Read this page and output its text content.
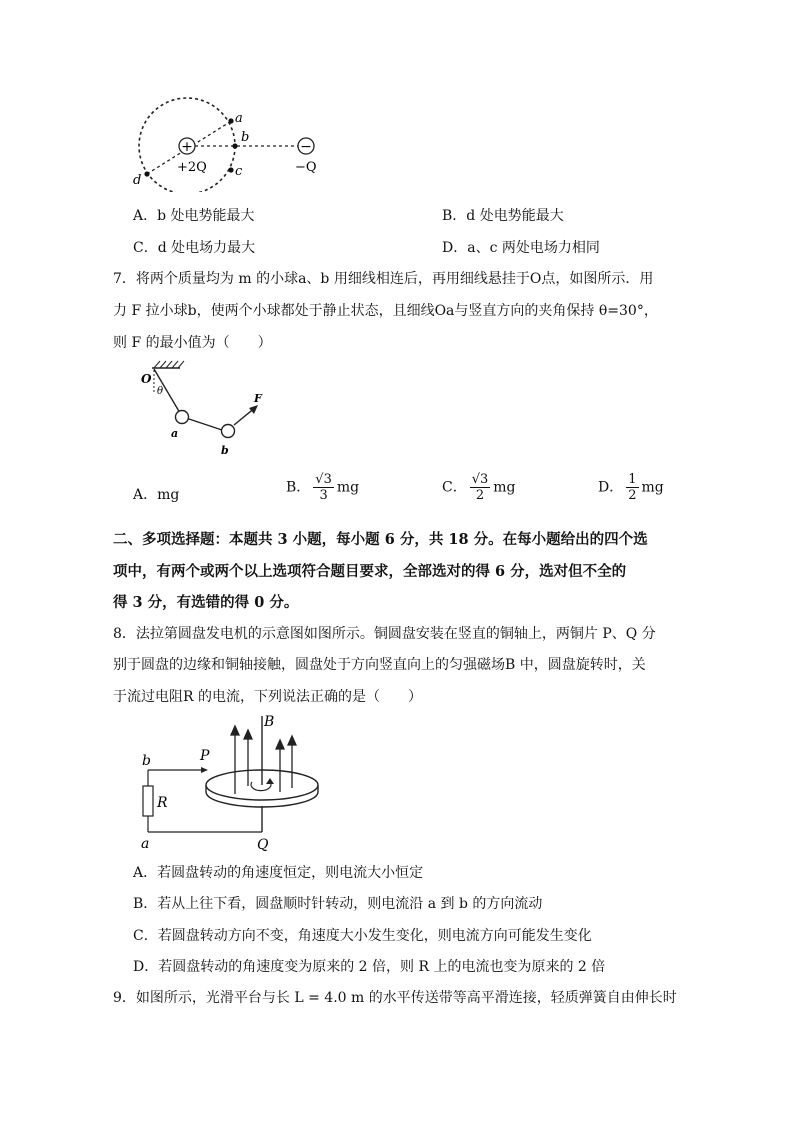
+	−
a
b
c
d
+2Q	−Q
A．b 处电势能最大	B．d 处电势能最大
C．d 处电场力最大	D．a、c 两处电场力相同
7．将两个质量均为 m 的小球a、b 用细线相连后，再用细线悬挂于O点，如图所示．用
力 F 拉小球b，使两个小球都处于静止状态，且细线Oa与竖直方向的夹角保持 θ=30°，
则 F 的最小值为（　　）
O
θ
a
b
F
A．mg	B． $\frac{√3}{3}$ mg	C． $\frac{√3}{2}$ mg	D． $\frac{1}{2}$ mg
二、多项选择题：本题共 3 小题，每小题 6 分，共 18 分。在每小题给出的四个选
项中，有两个或两个以上选项符合题目要求，全部选对的得 6 分，选对但不全的
得 3 分，有选错的得 0 分。
8．法拉第圆盘发电机的示意图如图所示。铜圆盘安装在竖直的铜轴上，两铜片 P、Q 分
别于圆盘的边缘和铜轴接触，圆盘处于方向竖直向上的匀强磁场B 中，圆盘旋转时，关
于流过电阻R 的电流，下列说法正确的是（　　）
B
P
Q
R
b
a
A．若圆盘转动的角速度恒定，则电流大小恒定
B．若从上往下看，圆盘顺时针转动，则电流沿 a 到 b 的方向流动
C．若圆盘转动方向不变，角速度大小发生变化，则电流方向可能发生变化
D．若圆盘转动的角速度变为原来的 2 倍，则 R 上的电流也变为原来的 2 倍
9．如图所示，光滑平台与长 L = 4.0 m 的水平传送带等高平滑连接，轻质弹簧自由伸长时
